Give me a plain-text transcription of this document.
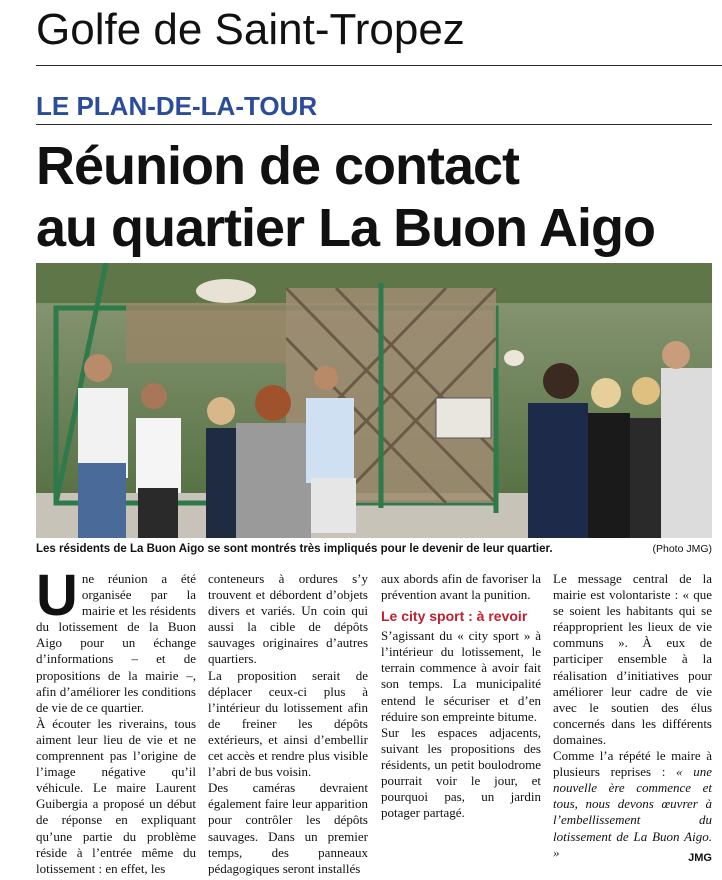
Golfe de Saint-Tropez
LE PLAN-DE-LA-TOUR
Réunion de contact
au quartier La Buon Aigo
Les résidents de La Buon Aigo se sont montrés très impliqués pour le devenir de leur quartier.	(Photo JMG)
U ne réunion a été organisée par la mairie et les résidents du lotissement de la Buon Aigo pour un échange d’informations – et de propositions de la mairie –, afin d’améliorer les conditions de vie de ce quartier.

À écouter les riverains, tous aiment leur lieu de vie et ne comprennent pas l’origine de l’image négative qu’il véhicule. Le maire Laurent Guibergia a proposé un début de réponse en expliquant qu’une partie du problème réside à l’entrée même du lotissement : en effet, les

conteneurs à ordures s’y trouvent et débordent d’objets divers et variés. Un coin qui aussi la cible de dépôts sauvages originaires d’autres quartiers.

La proposition serait de déplacer ceux-ci plus à l’intérieur du lotissement afin de freiner les dépôts extérieurs, et ainsi d’embellir cet accès et rendre plus visible l’abri de bus voisin.

Des caméras devraient également faire leur apparition pour contrôler les dépôts sauvages. Dans un premier temps, des panneaux pédagogiques seront installés

aux abords afin de favoriser la prévention avant la punition.

Le city sport : à revoir

S’agissant du « city sport » à l’intérieur du lotissement, le terrain commence à avoir fait son temps. La municipalité entend le sécuriser et d’en réduire son empreinte bitume.

Sur les espaces adjacents, suivant les propositions des résidents, un petit boulodrome pourrait voir le jour, et pourquoi pas, un jardin potager partagé.

Le message central de la mairie est volontariste : « que se soient les habitants qui se réapproprient les lieux de vie communs ». À eux de participer ensemble à la réalisation d’initiatives pour améliorer leur cadre de vie avec le soutien des élus concernés dans les différents domaines.

Comme l’a répété le maire à plusieurs reprises : « une nouvelle ère commence et tous, nous devons œuvrer à l’embellissement du lotissement de La Buon Aigo. »	JMG
